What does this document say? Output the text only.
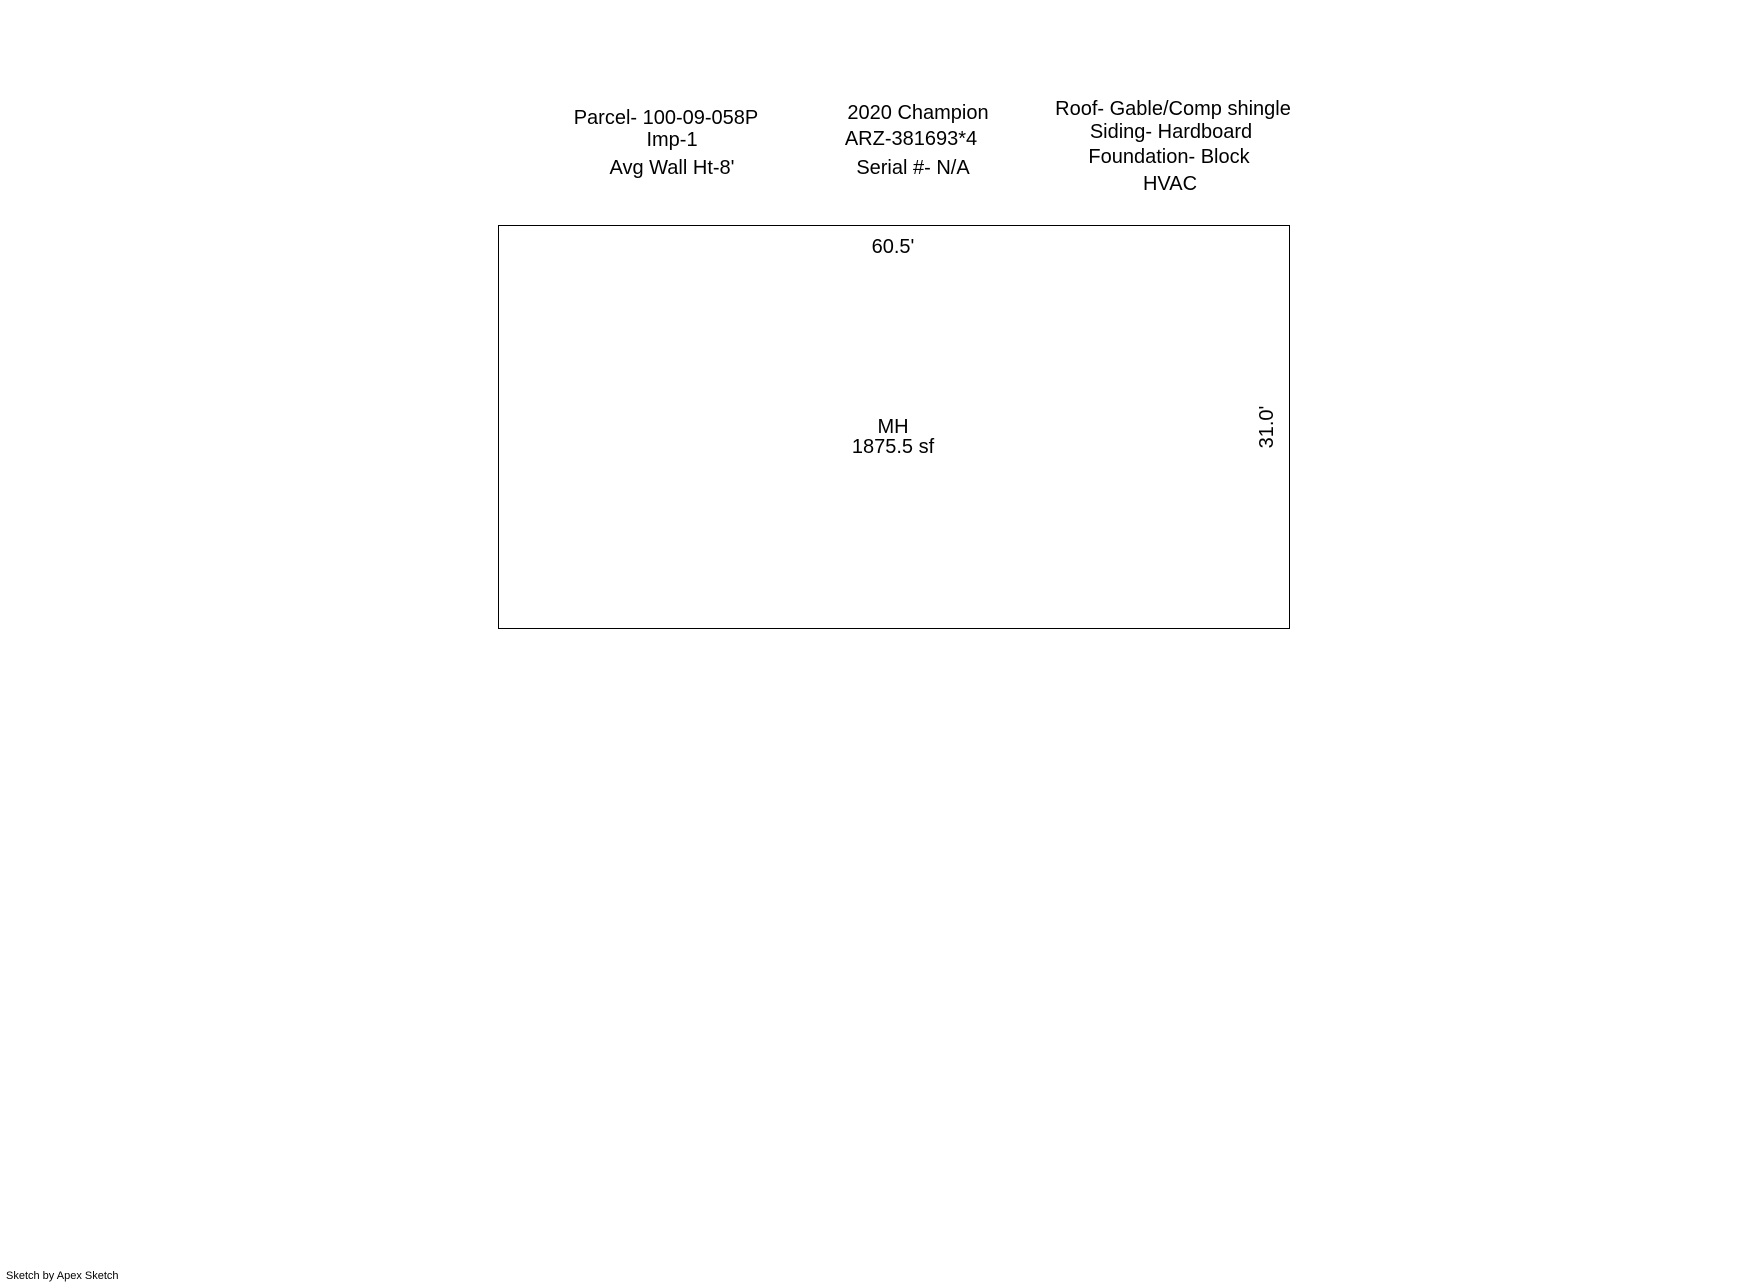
Parcel- 100-09-058P
Imp-1
Avg Wall Ht-8'
2020 Champion
ARZ-381693*4
Serial #- N/A
Roof- Gable/Comp shingle
Siding- Hardboard
Foundation- Block
HVAC
60.5'
31.0'
MH
1875.5 sf
Sketch by Apex Sketch
